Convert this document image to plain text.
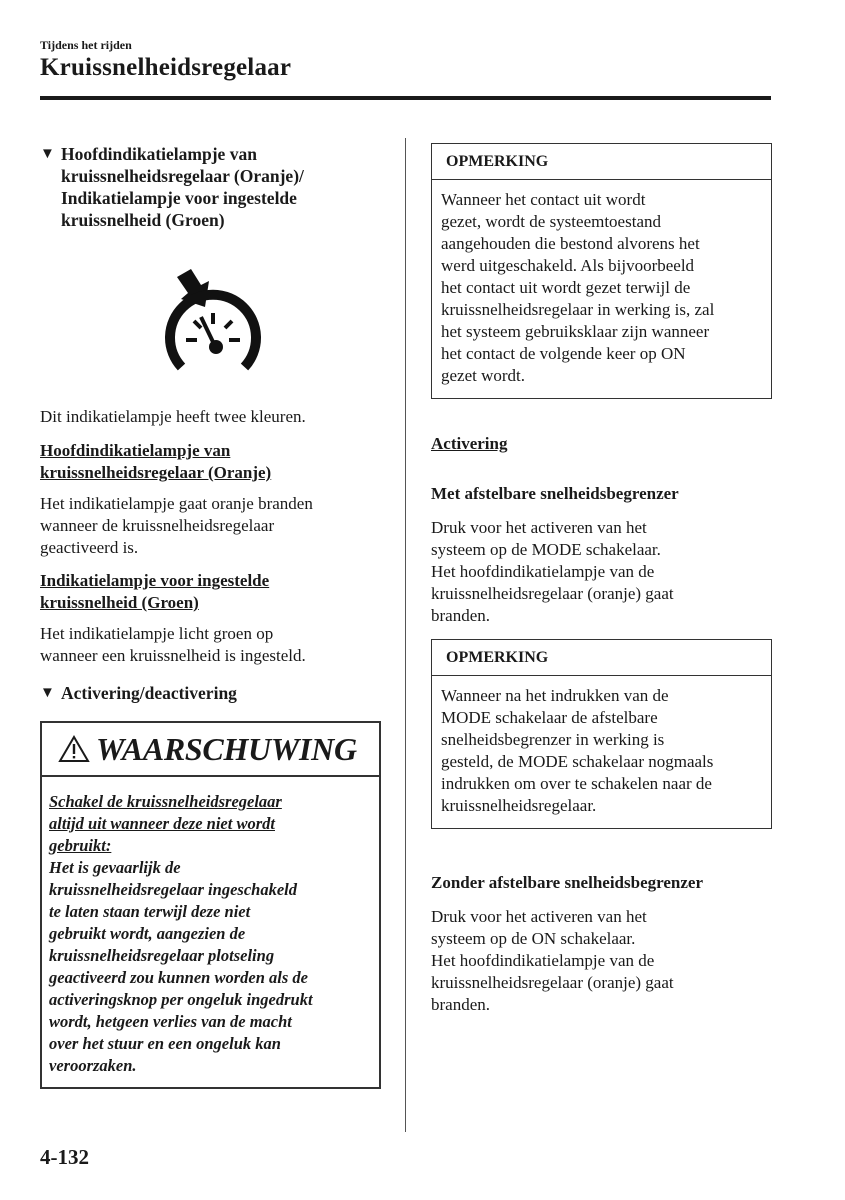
Tijdens het rijden
Kruissnelheidsregelaar
▼ Hoofdindikatielampje van
kruissnelheidsregelaar (Oranje)/
Indikatielampje voor ingestelde
kruissnelheid (Groen)

Dit indikatielampje heeft twee kleuren.

Hoofdindikatielampje van
kruissnelheidsregelaar (Oranje)
Het indikatielampje gaat oranje branden
wanneer de kruissnelheidsregelaar
geactiveerd is.
Indikatielampje voor ingestelde
kruissnelheid (Groen)
Het indikatielampje licht groen op
wanneer een kruissnelheid is ingesteld.
▼ Activering/deactivering
WAARSCHUWING
Schakel de kruissnelheidsregelaar
altijd uit wanneer deze niet wordt
gebruikt:
Het is gevaarlijk de
kruissnelheidsregelaar ingeschakeld
te laten staan terwijl deze niet
gebruikt wordt, aangezien de
kruissnelheidsregelaar plotseling
geactiveerd zou kunnen worden als de
activeringsknop per ongeluk ingedrukt
wordt, hetgeen verlies van de macht
over het stuur en een ongeluk kan
veroorzaken.
OPMERKING
Wanneer het contact uit wordt
gezet, wordt de systeemtoestand
aangehouden die bestond alvorens het
werd uitgeschakeld. Als bijvoorbeeld
het contact uit wordt gezet terwijl de
kruissnelheidsregelaar in werking is, zal
het systeem gebruiksklaar zijn wanneer
het contact de volgende keer op ON
gezet wordt.
Activering
Met afstelbare snelheidsbegrenzer
Druk voor het activeren van het
systeem op de MODE schakelaar.
Het hoofdindikatielampje van de
kruissnelheidsregelaar (oranje) gaat
branden.
OPMERKING
Wanneer na het indrukken van de
MODE schakelaar de afstelbare
snelheidsbegrenzer in werking is
gesteld, de MODE schakelaar nogmaals
indrukken om over te schakelen naar de
kruissnelheidsregelaar.
Zonder afstelbare snelheidsbegrenzer
Druk voor het activeren van het
systeem op de ON schakelaar.
Het hoofdindikatielampje van de
kruissnelheidsregelaar (oranje) gaat
branden.
4-132
